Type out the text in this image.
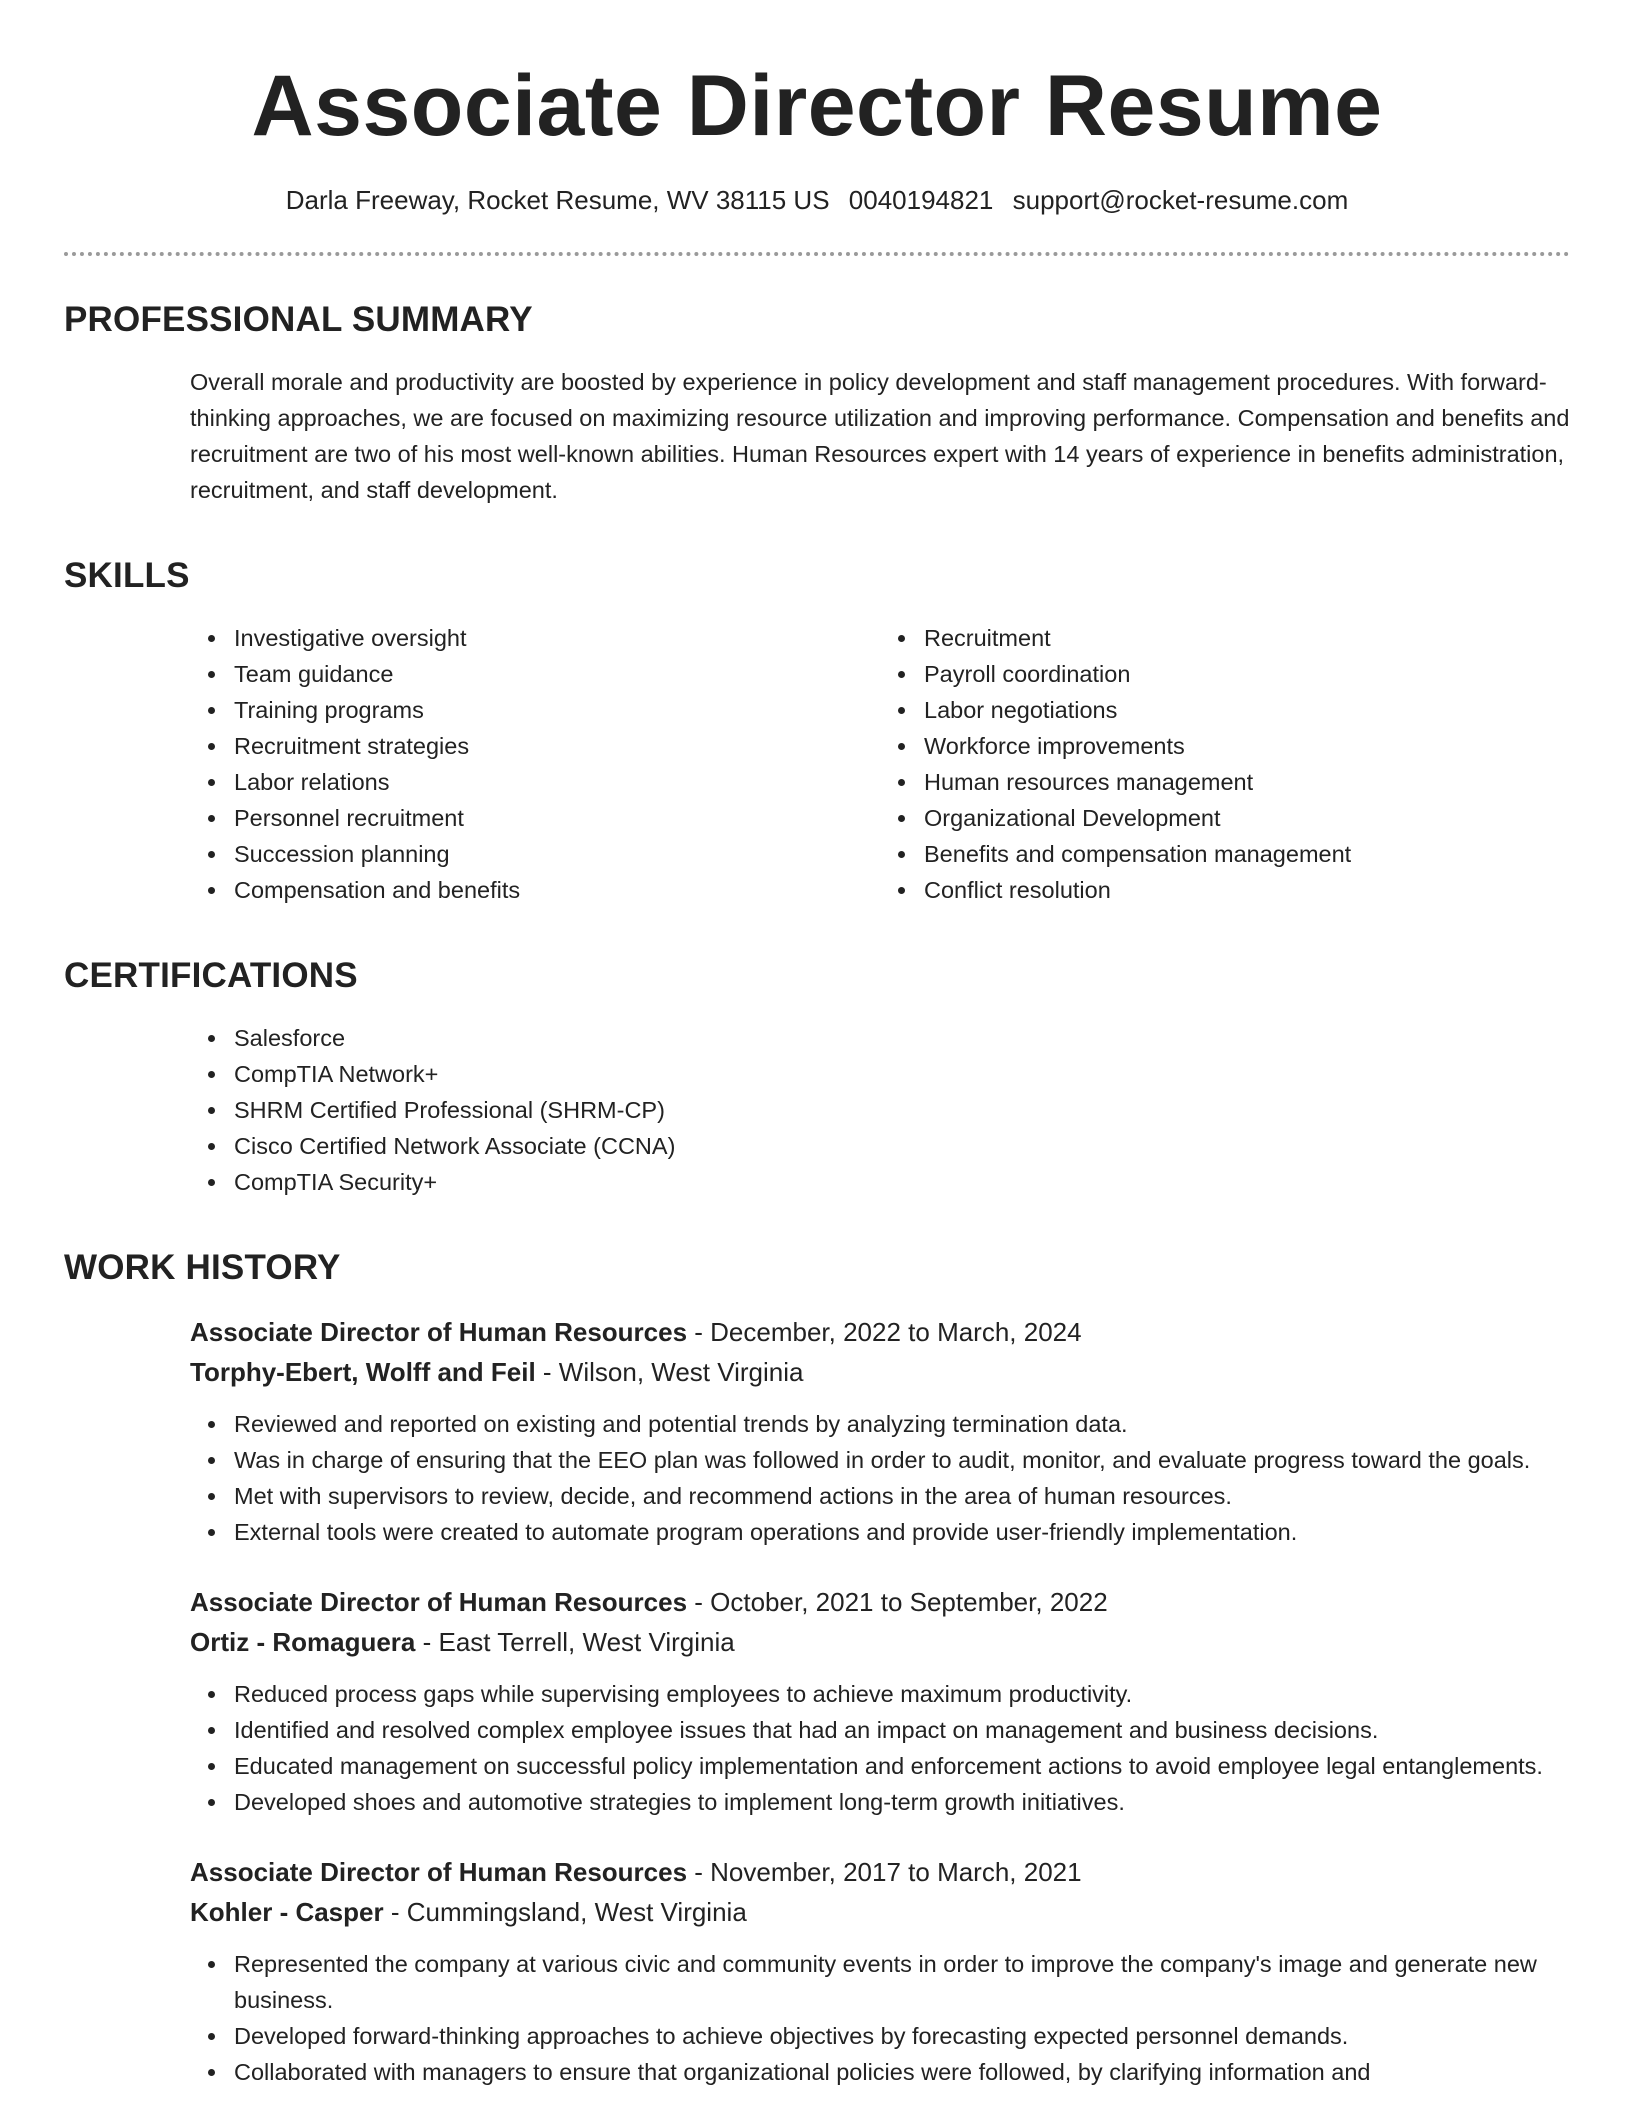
Associate Director Resume
Darla Freeway, Rocket Resume, WV 38115 US 0040194821 support@rocket-resume.com
PROFESSIONAL SUMMARY

Overall morale and productivity are boosted by experience in policy development and staff management procedures. With forward-thinking approaches, we are focused on maximizing resource utilization and improving performance. Compensation and benefits and recruitment are two of his most well-known abilities. Human Resources expert with 14 years of experience in benefits administration, recruitment, and staff development.

SKILLS
Investigative oversight
Team guidance
Training programs
Recruitment strategies
Labor relations
Personnel recruitment
Succession planning
Compensation and benefits
Recruitment
Payroll coordination
Labor negotiations
Workforce improvements
Human resources management
Organizational Development
Benefits and compensation management
Conflict resolution
CERTIFICATIONS
Salesforce
CompTIA Network+
SHRM Certified Professional (SHRM-CP)
Cisco Certified Network Associate (CCNA)
CompTIA Security+
WORK HISTORY
Associate Director of Human Resources - December, 2022 to March, 2024
Torphy-Ebert, Wolff and Feil - Wilson, West Virginia
Reviewed and reported on existing and potential trends by analyzing termination data.
Was in charge of ensuring that the EEO plan was followed in order to audit, monitor, and evaluate progress toward the goals.
Met with supervisors to review, decide, and recommend actions in the area of human resources.
External tools were created to automate program operations and provide user-friendly implementation.
Associate Director of Human Resources - October, 2021 to September, 2022
Ortiz - Romaguera - East Terrell, West Virginia
Reduced process gaps while supervising employees to achieve maximum productivity.
Identified and resolved complex employee issues that had an impact on management and business decisions.
Educated management on successful policy implementation and enforcement actions to avoid employee legal entanglements.
Developed shoes and automotive strategies to implement long-term growth initiatives.
Associate Director of Human Resources - November, 2017 to March, 2021
Kohler - Casper - Cummingsland, West Virginia
Represented the company at various civic and community events in order to improve the company's image and generate new business.
Developed forward-thinking approaches to achieve objectives by forecasting expected personnel demands.
Collaborated with managers to ensure that organizational policies were followed, by clarifying information and
